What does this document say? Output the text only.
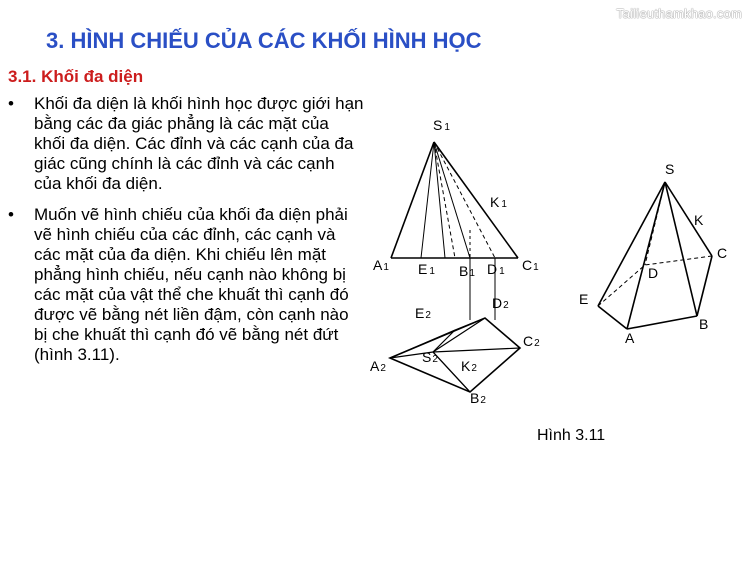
Tailieuthamkhao.com
3. HÌNH CHIẾU CỦA CÁC KHỐI HÌNH HỌC
3.1. Khối đa diện
• Khối đa diện là khối hình học được giới hạn bằng các đa giác phẳng là các mặt của khối đa diện. Các đỉnh và các cạnh của đa giác cũng chính là các đỉnh và các cạnh của khối đa diện.
• Muốn vẽ hình chiếu của khối đa diện phải vẽ hình chiếu của các đỉnh, các cạnh và các mặt của đa diện. Khi chiếu lên mặt phẳng hình chiếu, nếu cạnh nào không bị các mặt của vật thể che khuất thì cạnh đó được vẽ bằng nét liền đậm, còn cạnh nào bị che khuất thì cạnh đó vẽ bằng nét đứt (hình 3.11).
S 1
K 1
A1 E 1 B1 D 1 C1
D2
E2
C2
S2
A2	K2
B2
S
K
C
D
E
B
A
Hình 3.11
